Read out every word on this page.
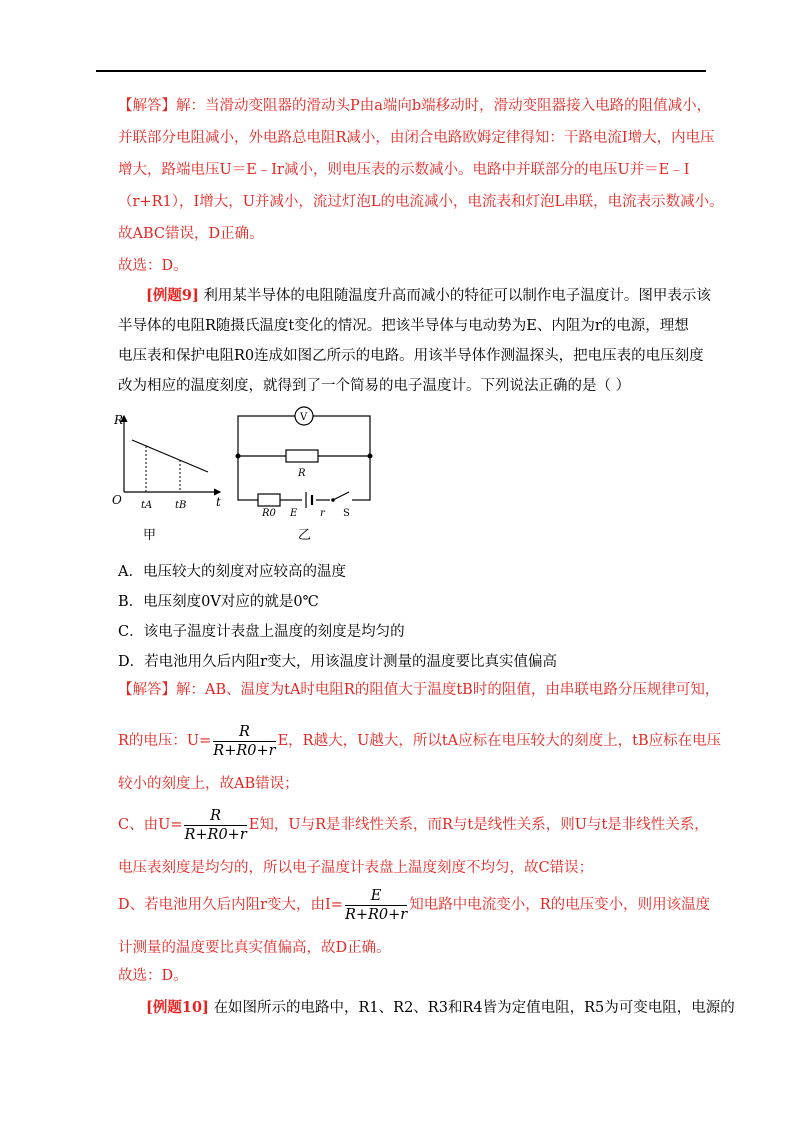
【解答】解：当滑动变阻器的滑动头P由a端向b端移动时，滑动变阻器接入电路的阻值减小，
并联部分电阻减小，外电路总电阻R减小，由闭合电路欧姆定律得知：干路电流I增大，内电压
增大，路端电压U＝E﹣Ir减小，则电压表的示数减小。电路中并联部分的电压U并＝E﹣I
（r+R1），I增大，U并减小，流过灯泡L的电流减小，电流表和灯泡L串联，电流表示数减小。
故ABC错误，D正确。
故选：D。
[例题9] 利用某半导体的电阻随温度升高而减小的特征可以制作电子温度计。图甲表示该
半导体的电阻R随摄氏温度t变化的情况。把该半导体与电动势为E、内阻为r的电源，理想
电压表和保护电阻R0连成如图乙所示的电路。用该半导体作测温探头，把电压表的电压刻度
改为相应的温度刻度，就得到了一个简易的电子温度计。下列说法正确的是（ ）
R
O	t
tA tB
甲
V
R
R0 E r S
乙
A．电压较大的刻度对应较高的温度
B．电压刻度0V对应的就是0℃
C．该电子温度计表盘上温度的刻度是均匀的
D．若电池用久后内阻r变大，用该温度计测量的温度要比真实值偏高
【解答】解：AB、温度为tA时电阻R的阻值大于温度tB时的阻值，由串联电路分压规律可知，
R的电压：$U= \frac{R}{R+R0+r}$ E，R越大，U越大，所以tA应标在电压较大的刻度上，tB应标在电压
较小的刻度上，故AB错误；
C、由$U= \frac{R}{R+R0+r}$ E知，U与R是非线性关系，而R与t是线性关系，则U与t是非线性关系，
电压表刻度是均匀的，所以电子温度计表盘上温度刻度不均匀，故C错误；
D、若电池用久后内阻r变大，由$I= \frac{E}{R+R0+r}$ 知电路中电流变小，R的电压变小，则用该温度
计测量的温度要比真实值偏高，故D正确。
故选：D。
[例题10] 在如图所示的电路中，R1、R2、R3和R4皆为定值电阻，R5为可变电阻，电源的
